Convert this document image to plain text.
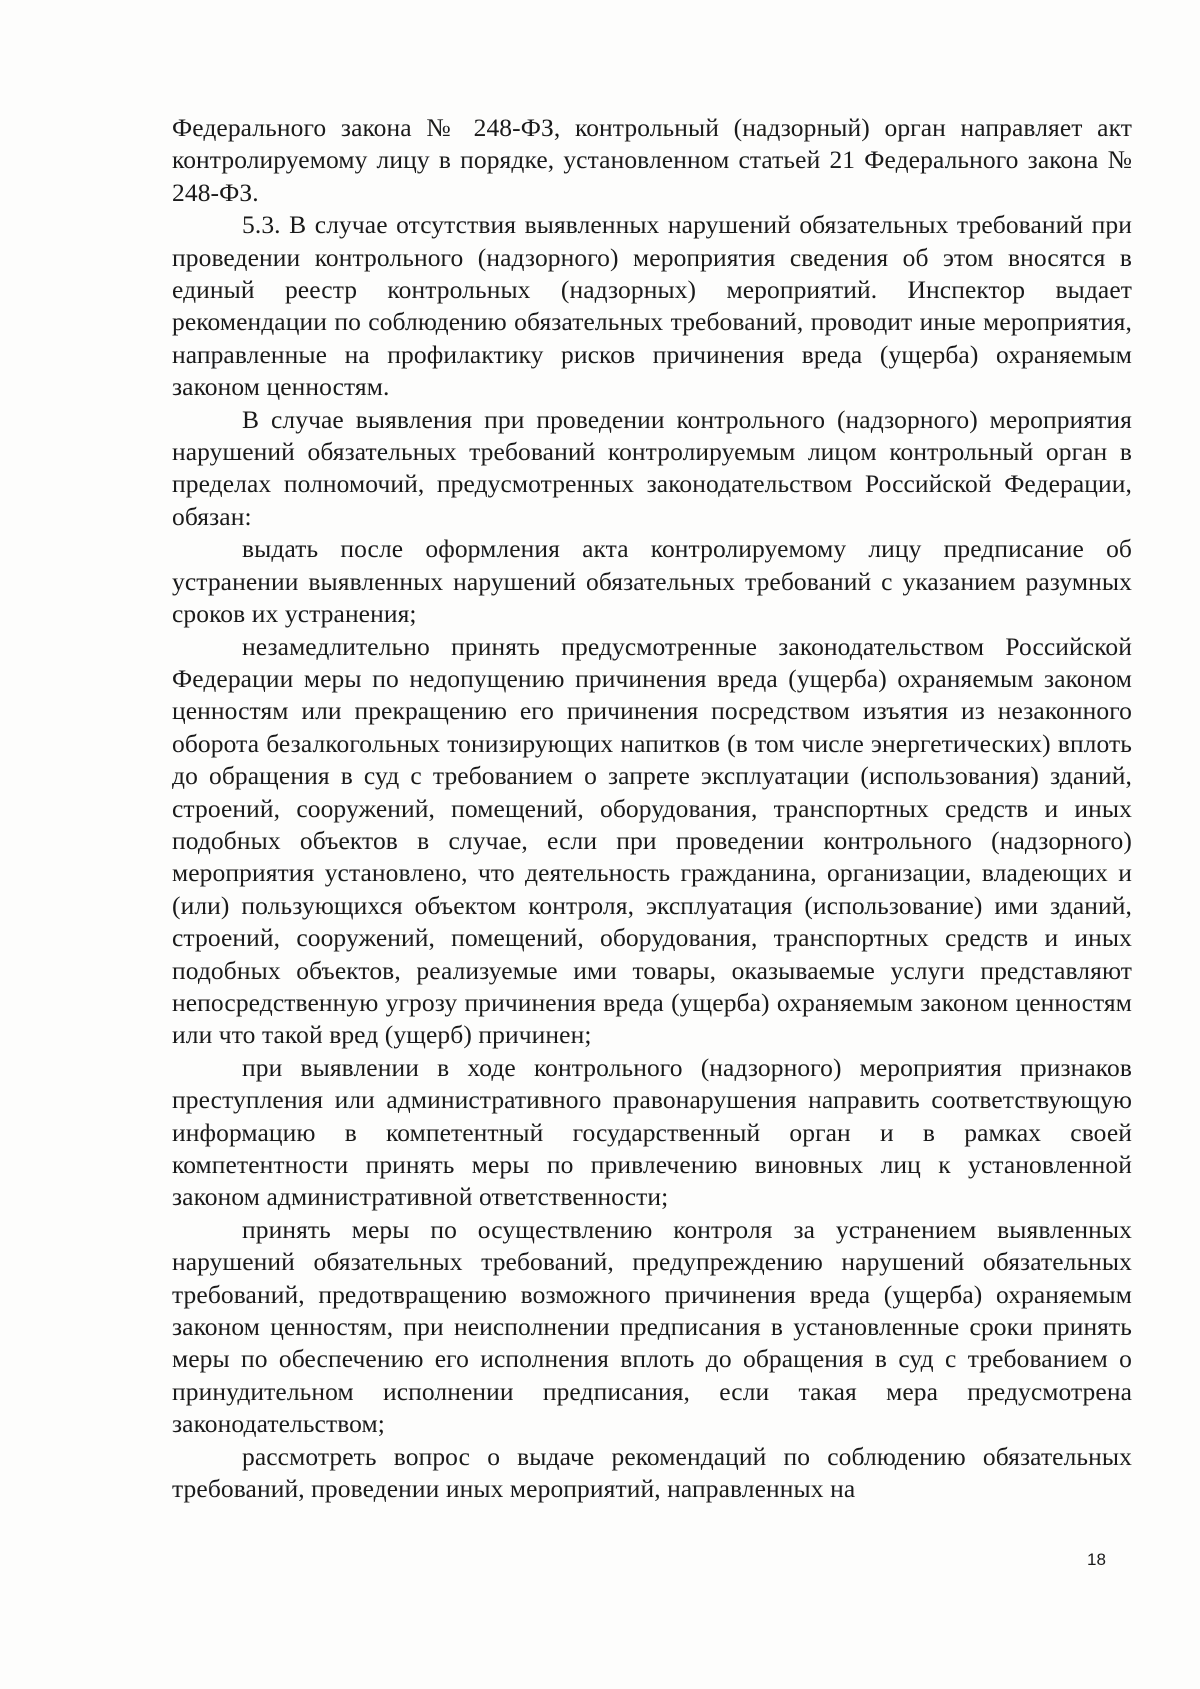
Федерального закона № 248-ФЗ, контрольный (надзорный) орган направляет акт контролируемому лицу в порядке, установленном статьей 21 Федерального закона № 248-ФЗ.

5.3. В случае отсутствия выявленных нарушений обязательных требований при проведении контрольного (надзорного) мероприятия сведения об этом вносятся в единый реестр контрольных (надзорных) мероприятий. Инспектор выдает рекомендации по соблюдению обязательных требований, проводит иные мероприятия, направленные на профилактику рисков причинения вреда (ущерба) охраняемым законом ценностям.

В случае выявления при проведении контрольного (надзорного) мероприятия нарушений обязательных требований контролируемым лицом контрольный орган в пределах полномочий, предусмотренных законодательством Российской Федерации, обязан:

выдать после оформления акта контролируемому лицу предписание об устранении выявленных нарушений обязательных требований с указанием разумных сроков их устранения;

незамедлительно принять предусмотренные законодательством Российской Федерации меры по недопущению причинения вреда (ущерба) охраняемым законом ценностям или прекращению его причинения посредством изъятия из незаконного оборота безалкогольных тонизирующих напитков (в том числе энергетических) вплоть до обращения в суд с требованием о запрете эксплуатации (использования) зданий, строений, сооружений, помещений, оборудования, транспортных средств и иных подобных объектов в случае, если при проведении контрольного (надзорного) мероприятия установлено, что деятельность гражданина, организации, владеющих и (или) пользующихся объектом контроля, эксплуатация (использование) ими зданий, строений, сооружений, помещений, оборудования, транспортных средств и иных подобных объектов, реализуемые ими товары, оказываемые услуги представляют непосредственную угрозу причинения вреда (ущерба) охраняемым законом ценностям или что такой вред (ущерб) причинен;

при выявлении в ходе контрольного (надзорного) мероприятия признаков преступления или административного правонарушения направить соответствующую информацию в компетентный государственный орган и в рамках своей компетентности принять меры по привлечению виновных лиц к установленной законом административной ответственности;

принять меры по осуществлению контроля за устранением выявленных нарушений обязательных требований, предупреждению нарушений обязательных требований, предотвращению возможного причинения вреда (ущерба) охраняемым законом ценностям, при неисполнении предписания в установленные сроки принять меры по обеспечению его исполнения вплоть до обращения в суд с требованием о принудительном исполнении предписания, если такая мера предусмотрена законодательством;

рассмотреть вопрос о выдаче рекомендаций по соблюдению обязательных требований, проведении иных мероприятий, направленных на

18
